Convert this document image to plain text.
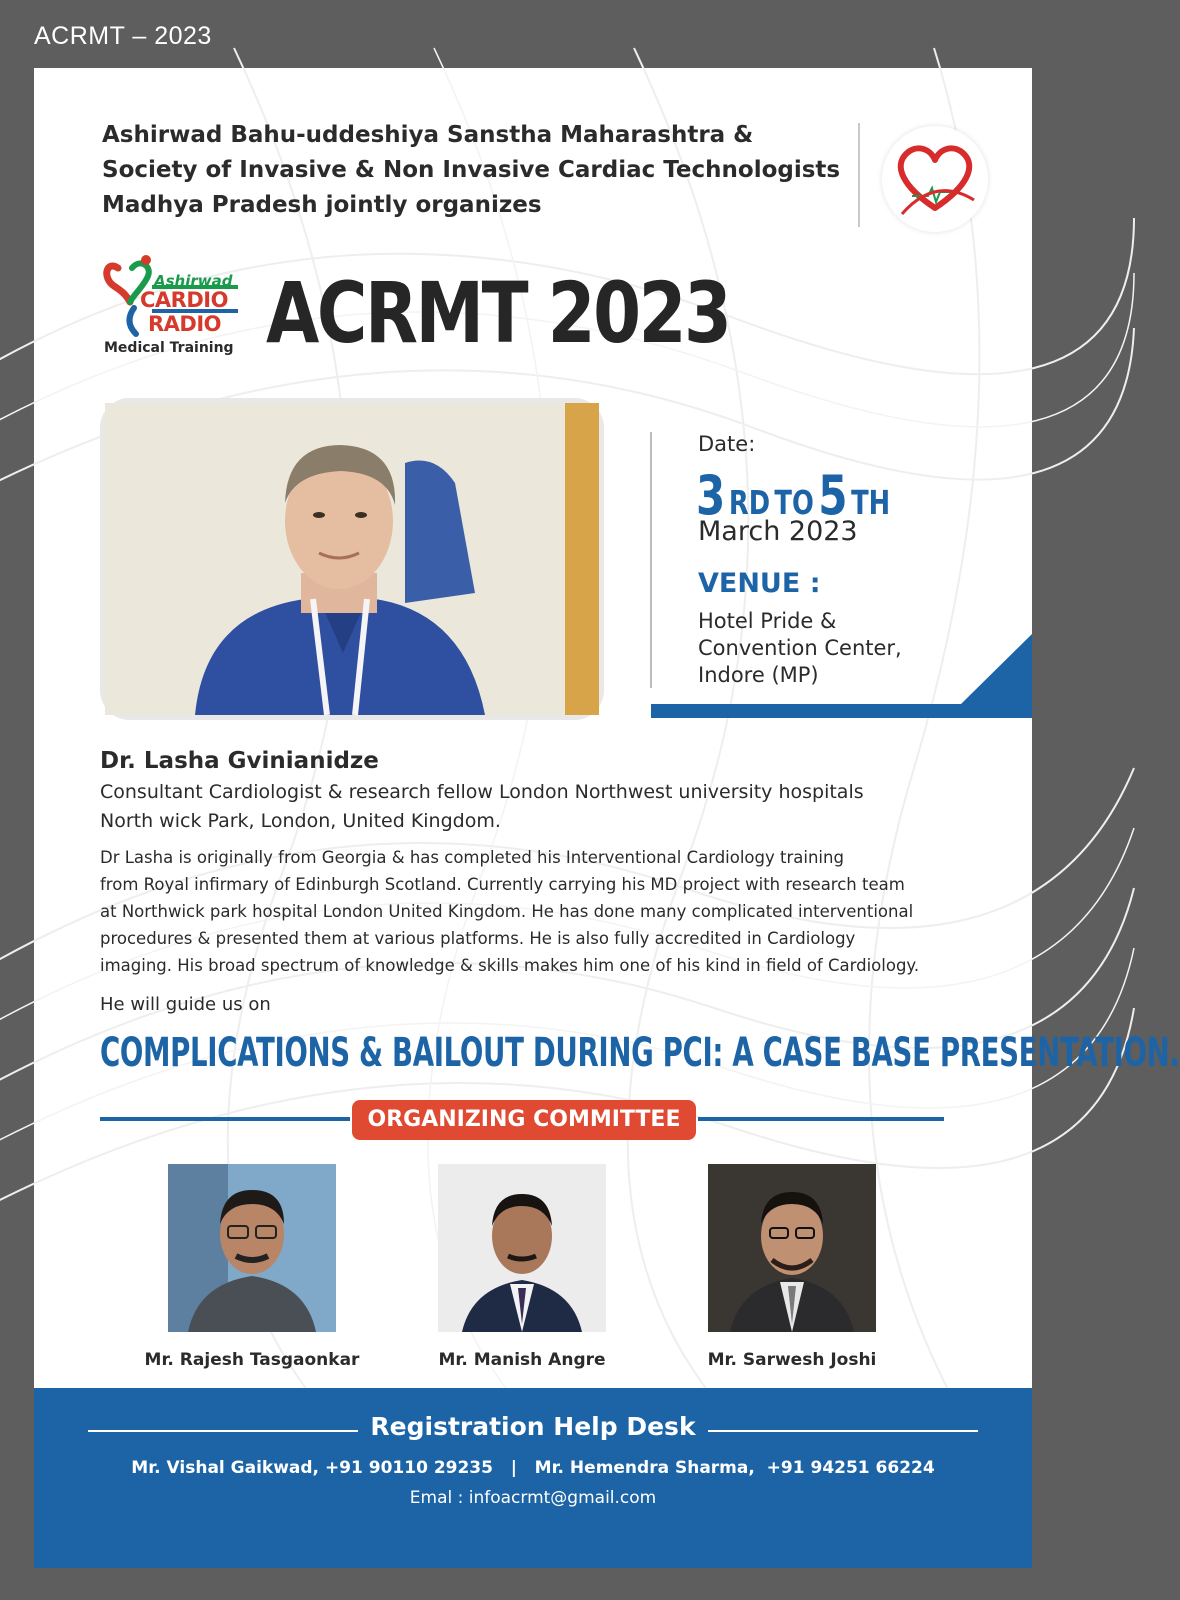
ACRMT – 2023
Ashirwad Bahu-uddeshiya Sanstha Maharashtra &
Society of Invasive & Non Invasive Cardiac Technologists
Madhya Pradesh jointly organizes
Ashirwad
CARDIO
RADIO
Medical Training ACRMT 2023
Date:
3 RD TO 5 TH
March 2023
VENUE :
Hotel Pride &
Convention Center,
Indore (MP)
Dr. Lasha Gvinianidze
Consultant Cardiologist & research fellow London Northwest university hospitals
North wick Park, London, United Kingdom.
Dr Lasha is originally from Georgia & has completed his Interventional Cardiology training
from Royal infirmary of Edinburgh Scotland. Currently carrying his MD project with research team
at Northwick park hospital London United Kingdom. He has done many complicated interventional
procedures & presented them at various platforms. He is also fully accredited in Cardiology
imaging. His broad spectrum of knowledge & skills makes him one of his kind in field of Cardiology.
He will guide us on
COMPLICATIONS & BAILOUT DURING PCI: A CASE BASE PRESENTATION.
ORGANIZING COMMITTEE
Mr. Rajesh Tasgaonkar	Mr. Manish Angre	Mr. Sarwesh Joshi
Registration Help Desk
Mr. Vishal Gaikwad, +91 90110 29235   |   Mr. Hemendra Sharma,  +91 94251 66224
Emal : infoacrmt@gmail.com
